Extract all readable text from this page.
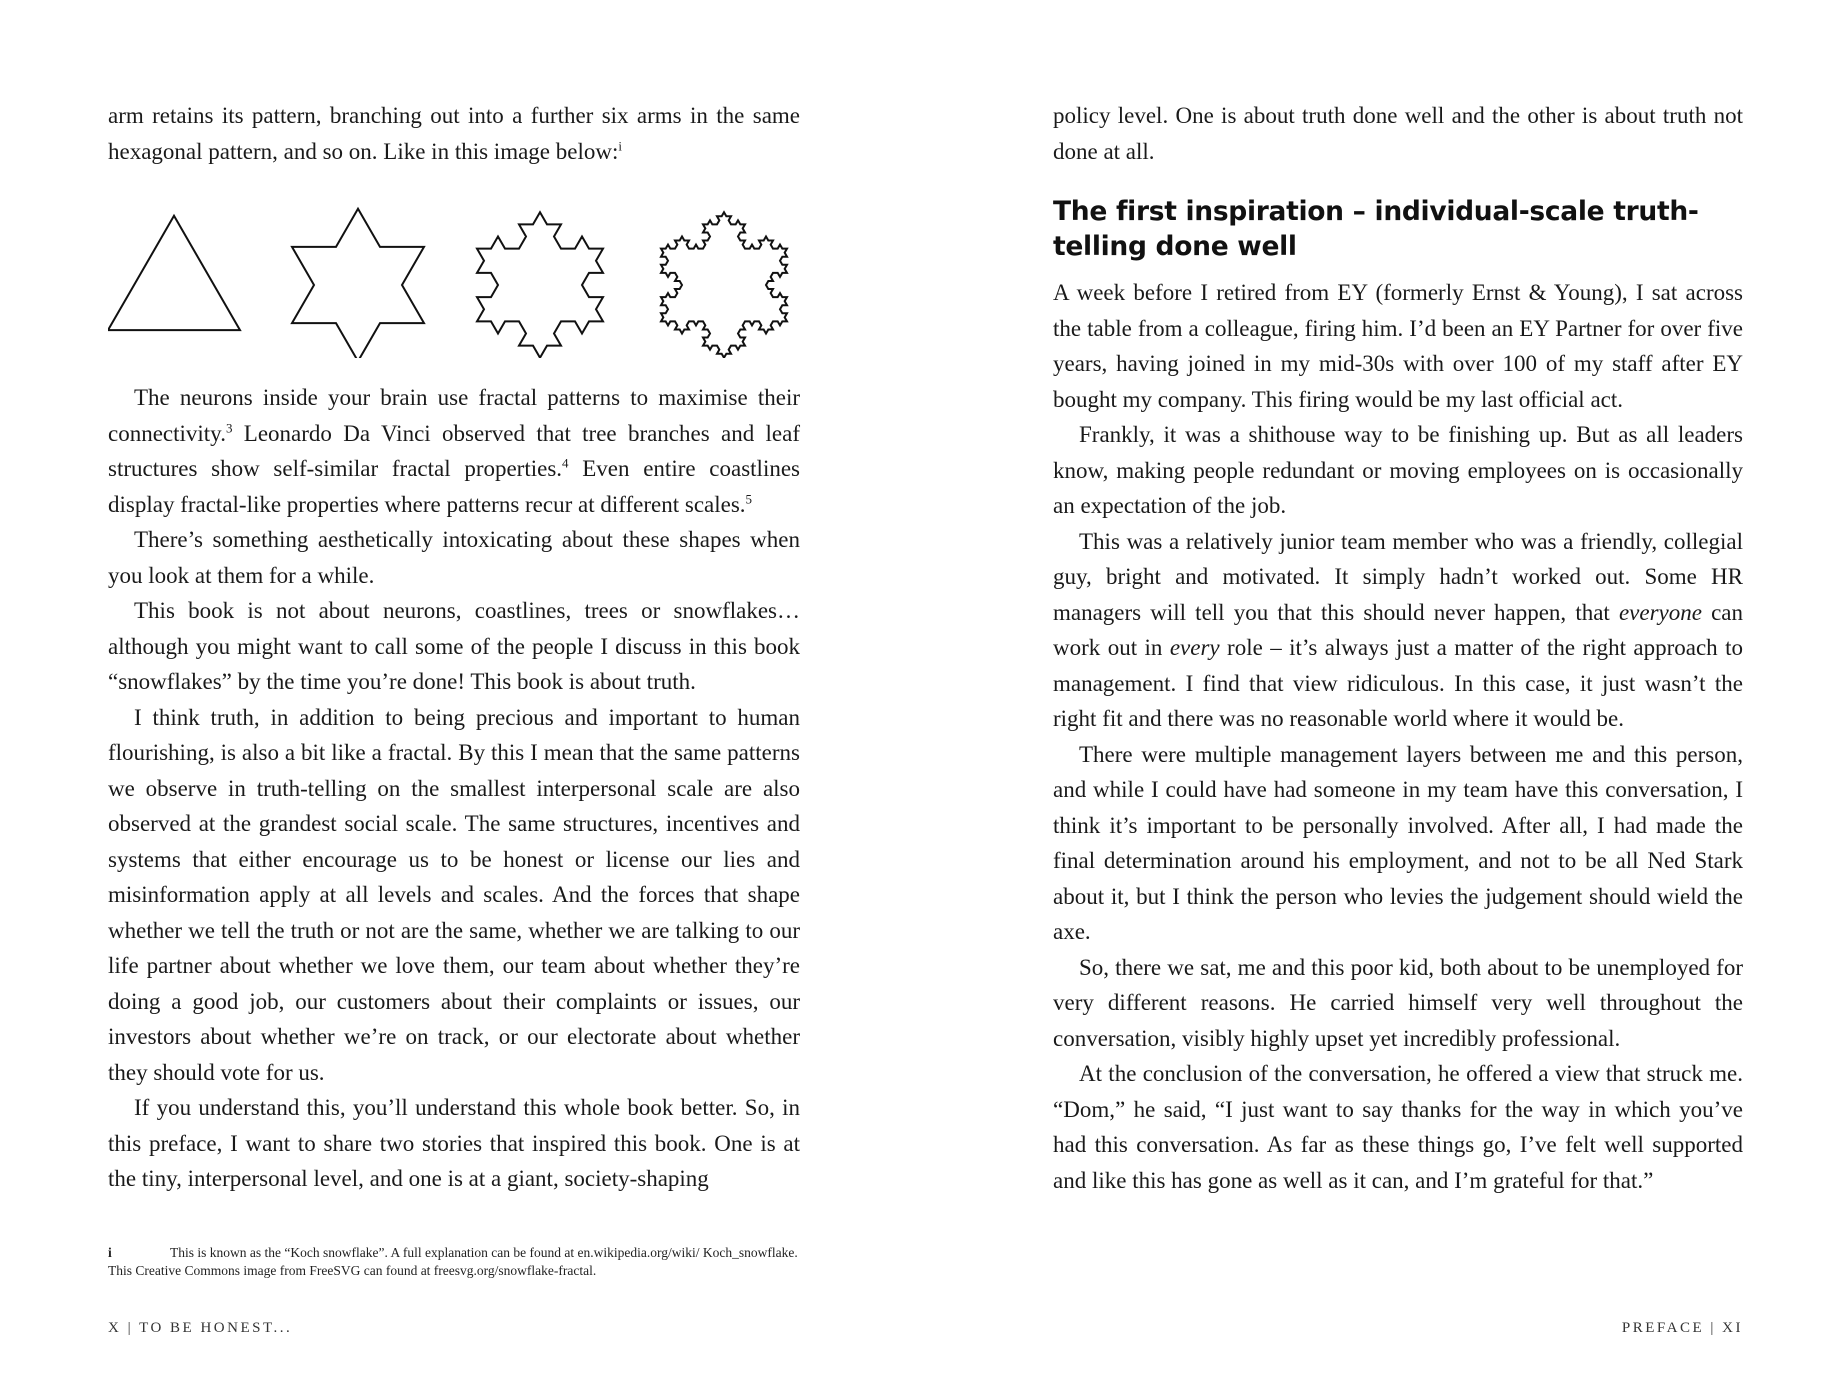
arm retains its pattern, branching out into a further six arms in the same hexagonal pattern, and so on. Like in this image below:$^i$

The neurons inside your brain use fractal patterns to maximise their connectivity.$^3$ Leonardo Da Vinci observed that tree branches and leaf structures show self-similar fractal properties.$^4$ Even entire coastlines display fractal-like properties where patterns recur at different scales.$^5$

There’s something aesthetically intoxicating about these shapes when you look at them for a while.

This book is not about neurons, coastlines, trees or snowflakes… although you might want to call some of the people I discuss in this book “snowflakes” by the time you’re done! This book is about truth.

I think truth, in addition to being precious and important to human flourishing, is also a bit like a fractal. By this I mean that the same patterns we observe in truth-telling on the smallest interpersonal scale are also observed at the grandest social scale. The same structures, incentives and systems that either encourage us to be honest or license our lies and misinformation apply at all levels and scales. And the forces that shape whether we tell the truth or not are the same, whether we are talking to our life partner about whether we love them, our team about whether they’re doing a good job, our customers about their complaints or issues, our investors about whether we’re on track, or our electorate about whether they should vote for us.

If you understand this, you’ll understand this whole book better. So, in this preface, I want to share two stories that inspired this book. One is at the tiny, interpersonal level, and one is at a giant, society-shaping

i	This is known as the “Koch snowflake”. A full explanation can be found at en.wikipedia.org/wiki/ Koch_snowflake. This Creative Commons image from FreeSVG can found at freesvg.org/snowflake-fractal.
X | TO BE HONEST...

policy level. One is about truth done well and the other is about truth not done at all.

The first inspiration – individual-scale truth-telling done well

A week before I retired from EY (formerly Ernst & Young), I sat across the table from a colleague, firing him. I’d been an EY Partner for over five years, having joined in my mid-30s with over 100 of my staff after EY bought my company. This firing would be my last official act.

Frankly, it was a shithouse way to be finishing up. But as all leaders know, making people redundant or moving employees on is occasionally an expectation of the job.

This was a relatively junior team member who was a friendly, collegial guy, bright and motivated. It simply hadn’t worked out. Some HR managers will tell you that this should never happen, that everyone can work out in every role – it’s always just a matter of the right approach to management. I find that view ridiculous. In this case, it just wasn’t the right fit and there was no reasonable world where it would be.

There were multiple management layers between me and this person, and while I could have had someone in my team have this conversation, I think it’s important to be personally involved. After all, I had made the final determination around his employment, and not to be all Ned Stark about it, but I think the person who levies the judgement should wield the axe.

So, there we sat, me and this poor kid, both about to be unemployed for very different reasons. He carried himself very well throughout the conversation, visibly highly upset yet incredibly professional.

At the conclusion of the conversation, he offered a view that struck me. “Dom,” he said, “I just want to say thanks for the way in which you’ve had this conversation. As far as these things go, I’ve felt well supported and like this has gone as well as it can, and I’m grateful for that.”

PREFACE | XI
